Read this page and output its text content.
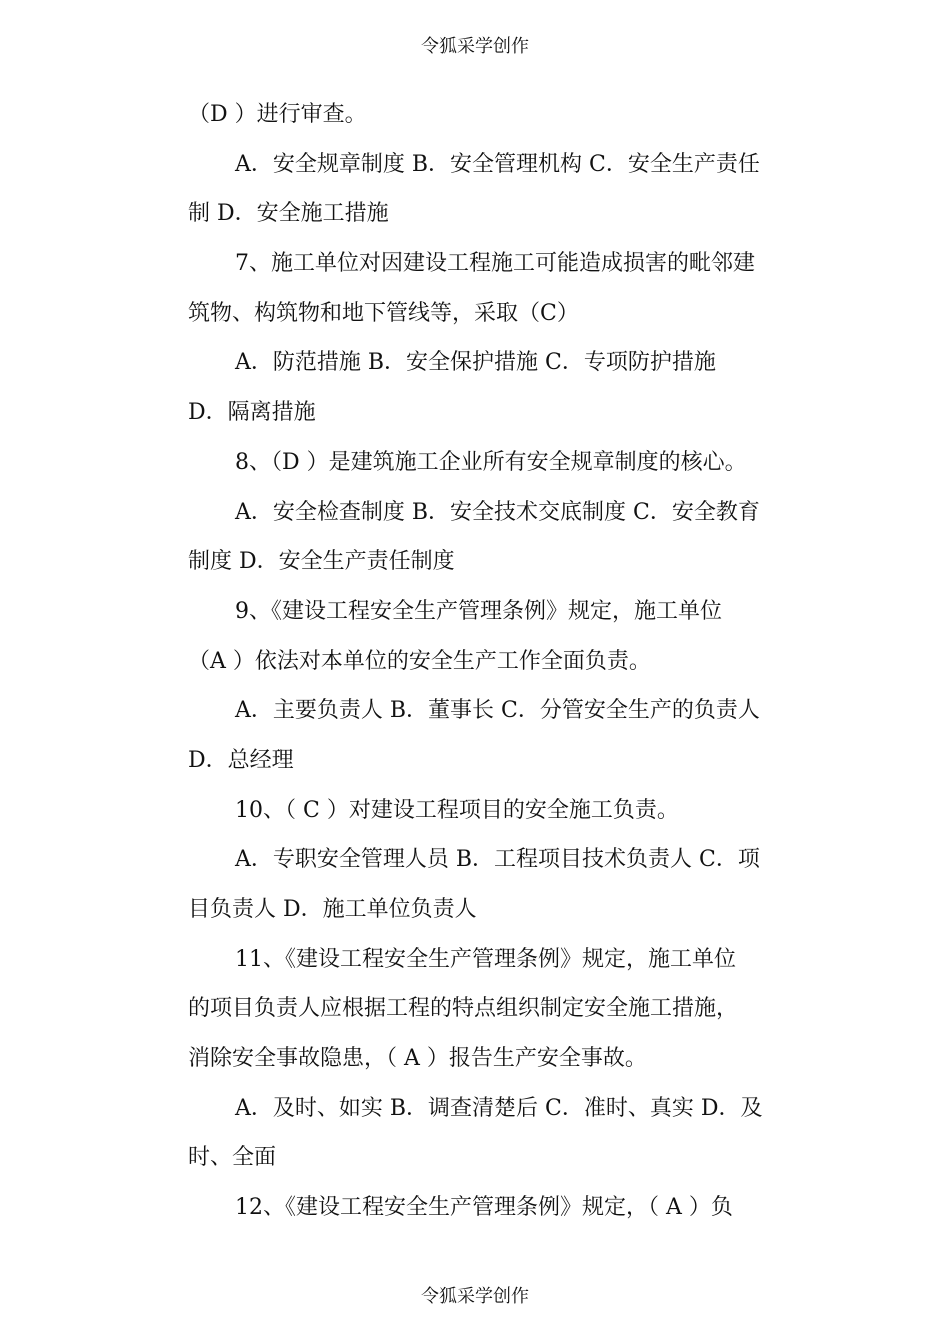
令狐采学创作
（D ）进行审查。
A．安全规章制度 B．安全管理机构 C．安全生产责任
制 D．安全施工措施
7、施工单位对因建设工程施工可能造成损害的毗邻建
筑物、构筑物和地下管线等，采取（C）
A．防范措施 B．安全保护措施 C．专项防护措施
D．隔离措施
8、（D ）是建筑施工企业所有安全规章制度的核心。
A．安全检查制度 B．安全技术交底制度 C．安全教育
制度 D．安全生产责任制度
9、《建设工程安全生产管理条例》规定，施工单位
（A ）依法对本单位的安全生产工作全面负责。
A．主要负责人 B．董事长 C．分管安全生产的负责人
D．总经理
10、（ C ）对建设工程项目的安全施工负责。
A．专职安全管理人员 B．工程项目技术负责人 C．项
目负责人 D．施工单位负责人
11、《建设工程安全生产管理条例》规定，施工单位
的项目负责人应根据工程的特点组织制定安全施工措施，
消除安全事故隐患，（ A ）报告生产安全事故。
A．及时、如实 B．调查清楚后 C．准时、真实 D．及
时、全面
12、《建设工程安全生产管理条例》规定，（ A ）负
令狐采学创作
